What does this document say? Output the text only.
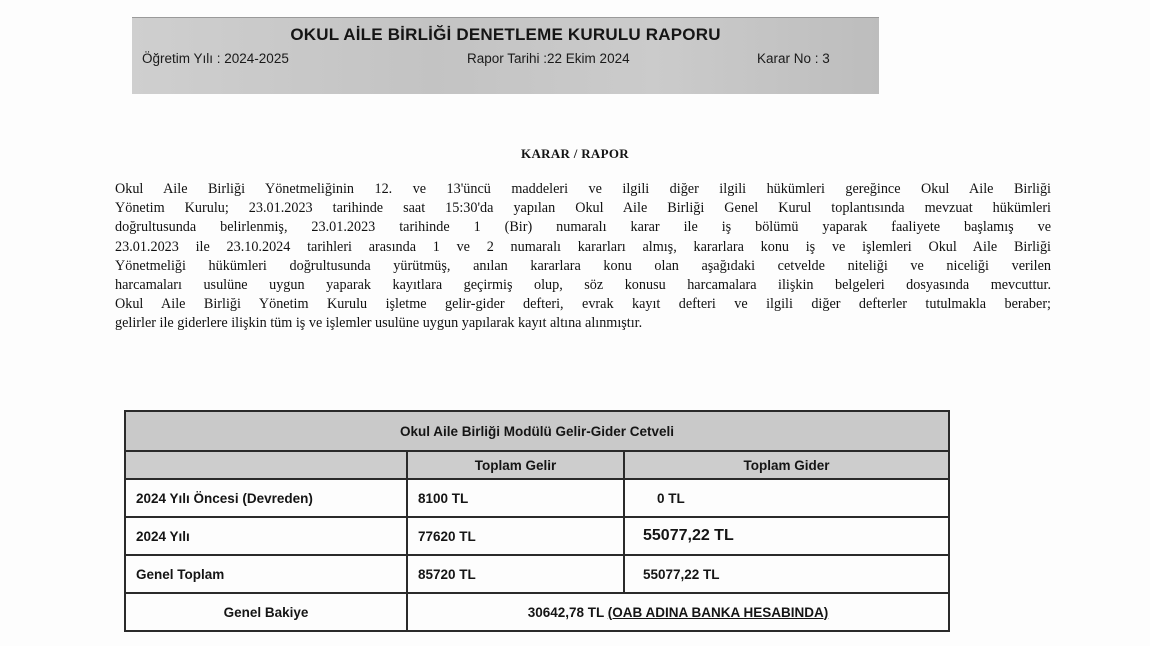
OKUL AİLE BİRLİĞİ DENETLEME KURULU RAPORU
Öğretim Yılı : 2024-2025	Rapor Tarihi :22 Ekim 2024	Karar No : 3
KARAR / RAPOR
Okul Aile Birliği Yönetmeliğinin 12. ve 13'üncü maddeleri ve ilgili diğer ilgili hükümleri gereğince Okul Aile Birliği
Yönetim Kurulu; 23.01.2023 tarihinde saat 15:30'da yapılan Okul Aile Birliği Genel Kurul toplantısında mevzuat hükümleri
doğrultusunda belirlenmiş, 23.01.2023 tarihinde 1 (Bir) numaralı karar ile iş bölümü yaparak faaliyete başlamış ve
23.01.2023 ile 23.10.2024 tarihleri arasında 1 ve 2 numaralı kararları almış, kararlara konu iş ve işlemleri Okul Aile Birliği
Yönetmeliği hükümleri doğrultusunda yürütmüş, anılan kararlara konu olan aşağıdaki cetvelde niteliği ve niceliği verilen
harcamaları usulüne uygun yaparak kayıtlara geçirmiş olup, söz konusu harcamalara ilişkin belgeleri dosyasında mevcuttur.
Okul Aile Birliği Yönetim Kurulu işletme gelir-gider defteri, evrak kayıt defteri ve ilgili diğer defterler tutulmakla beraber;
gelirler ile giderlere ilişkin tüm iş ve işlemler usulüne uygun yapılarak kayıt altına alınmıştır.
Okul Aile Birliği Modülü Gelir-Gider Cetveli		
	Toplam Gelir	Toplam Gider
2024 Yılı Öncesi (Devreden)	8100 TL	0 TL
2024 Yılı	77620 TL	55077,22 TL
Genel Toplam	85720 TL	55077,22 TL
Genel Bakiye	30642,78 TL (OAB ADINA BANKA HESABINDA)	
